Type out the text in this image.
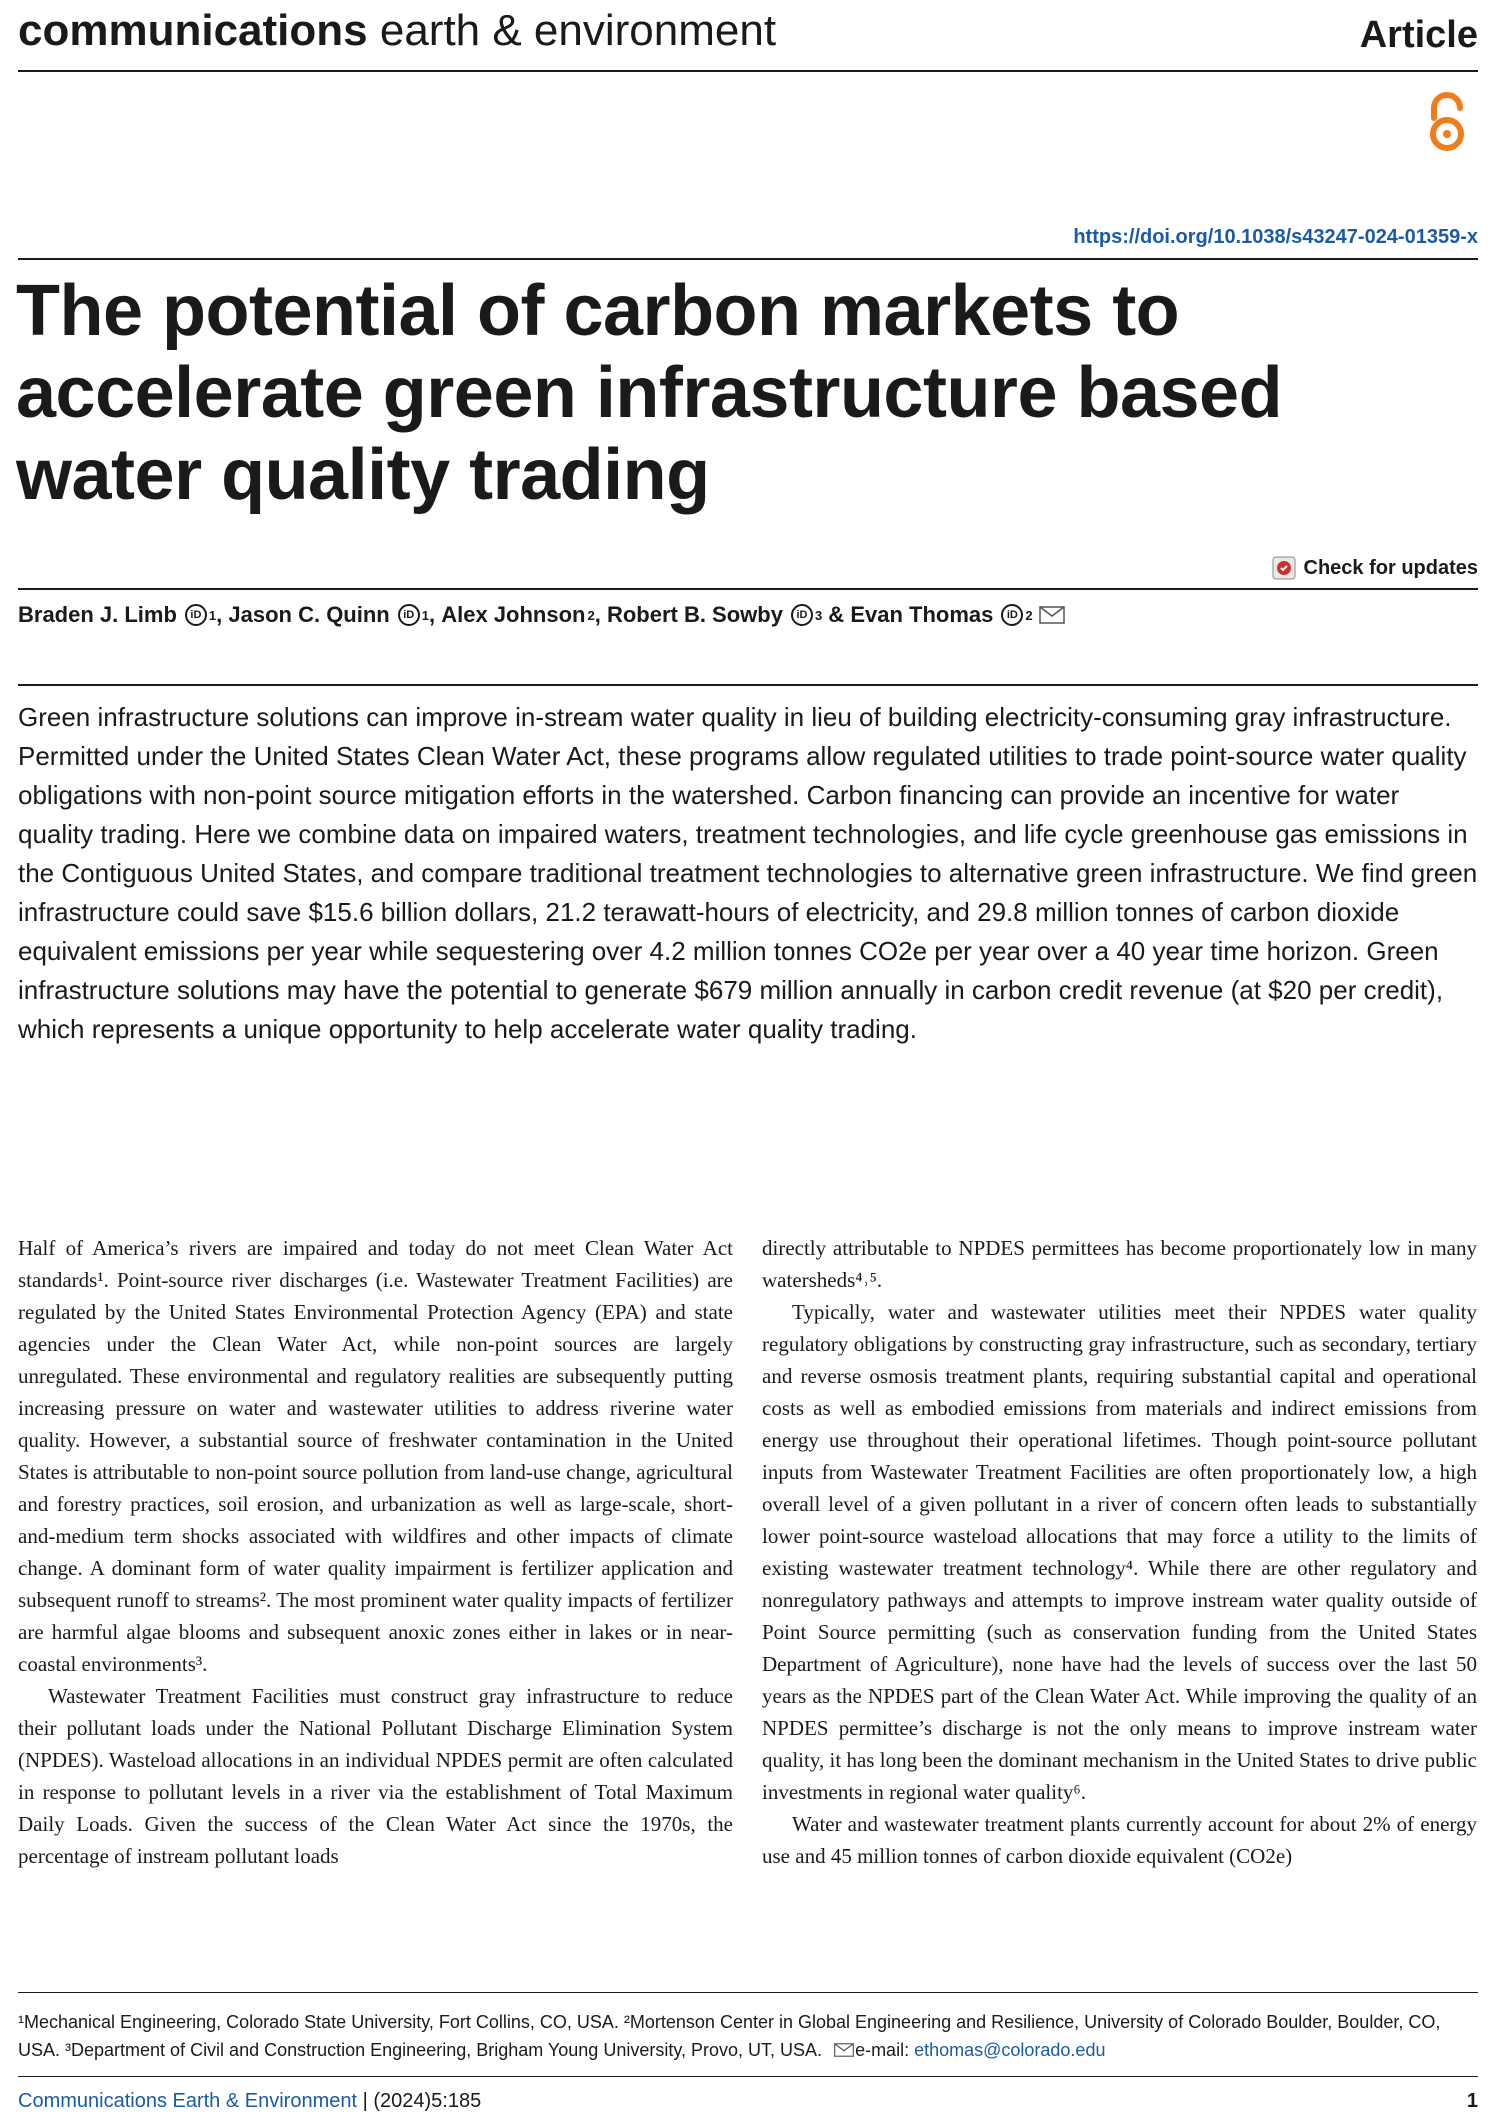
communications earth & environment	Article
https://doi.org/10.1038/s43247-024-01359-x
The potential of carbon markets to accelerate green infrastructure based water quality trading
Check for updates
Braden J. Limb	iD 1 , Jason C. Quinn	iD 1 , Alex Johnson 2 , Robert B. Sowby	iD 3 & Evan Thomas	iD 2

Green infrastructure solutions can improve in-stream water quality in lieu of building electricity-consuming gray infrastructure. Permitted under the United States Clean Water Act, these programs allow regulated utilities to trade point-source water quality obligations with non-point source mitigation efforts in the watershed. Carbon financing can provide an incentive for water quality trading. Here we combine data on impaired waters, treatment technologies, and life cycle greenhouse gas emissions in the Contiguous United States, and compare traditional treatment technologies to alternative green infrastructure. We find green infrastructure could save $15.6 billion dollars, 21.2 terawatt-hours of electricity, and 29.8 million tonnes of carbon dioxide equivalent emissions per year while sequestering over 4.2 million tonnes CO2e per year over a 40 year time horizon. Green infrastructure solutions may have the potential to generate $679 million annually in carbon credit revenue (at $20 per credit), which represents a unique opportunity to help accelerate water quality trading.

Half of America’s rivers are impaired and today do not meet Clean Water Act standards¹. Point-source river discharges (i.e. Wastewater Treatment Facilities) are regulated by the United States Environmental Protection Agency (EPA) and state agencies under the Clean Water Act, while non-point sources are largely unregulated. These environmental and regulatory realities are subsequently putting increasing pressure on water and wastewater utilities to address riverine water quality. However, a substantial source of freshwater contamination in the United States is attributable to non-point source pollution from land-use change, agricultural and forestry practices, soil erosion, and urbanization as well as large-scale, short-and-medium term shocks associated with wildfires and other impacts of climate change. A dominant form of water quality impairment is fertilizer application and subsequent runoff to streams². The most prominent water quality impacts of fertilizer are harmful algae blooms and subsequent anoxic zones either in lakes or in near-coastal environments³.

Wastewater Treatment Facilities must construct gray infrastructure to reduce their pollutant loads under the National Pollutant Discharge Elimination System (NPDES). Wasteload allocations in an individual NPDES permit are often calculated in response to pollutant levels in a river via the establishment of Total Maximum Daily Loads. Given the success of the Clean Water Act since the 1970s, the percentage of instream pollutant loads

directly attributable to NPDES permittees has become proportionately low in many watersheds⁴˒⁵.

Typically, water and wastewater utilities meet their NPDES water quality regulatory obligations by constructing gray infrastructure, such as secondary, tertiary and reverse osmosis treatment plants, requiring substantial capital and operational costs as well as embodied emissions from materials and indirect emissions from energy use throughout their operational lifetimes. Though point-source pollutant inputs from Wastewater Treatment Facilities are often proportionately low, a high overall level of a given pollutant in a river of concern often leads to substantially lower point-source wasteload allocations that may force a utility to the limits of existing wastewater treatment technology⁴. While there are other regulatory and nonregulatory pathways and attempts to improve instream water quality outside of Point Source permitting (such as conservation funding from the United States Department of Agriculture), none have had the levels of success over the last 50 years as the NPDES part of the Clean Water Act. While improving the quality of an NPDES permittee’s discharge is not the only means to improve instream water quality, it has long been the dominant mechanism in the United States to drive public investments in regional water quality⁶.

Water and wastewater treatment plants currently account for about 2% of energy use and 45 million tonnes of carbon dioxide equivalent (CO2e)

¹Mechanical Engineering, Colorado State University, Fort Collins, CO, USA. ²Mortenson Center in Global Engineering and Resilience, University of Colorado Boulder, Boulder, CO, USA. ³Department of Civil and Construction Engineering, Brigham Young University, Provo, UT, USA. e-mail: ethomas@colorado.edu

Communications Earth & Environment | (2024)5:185	1
